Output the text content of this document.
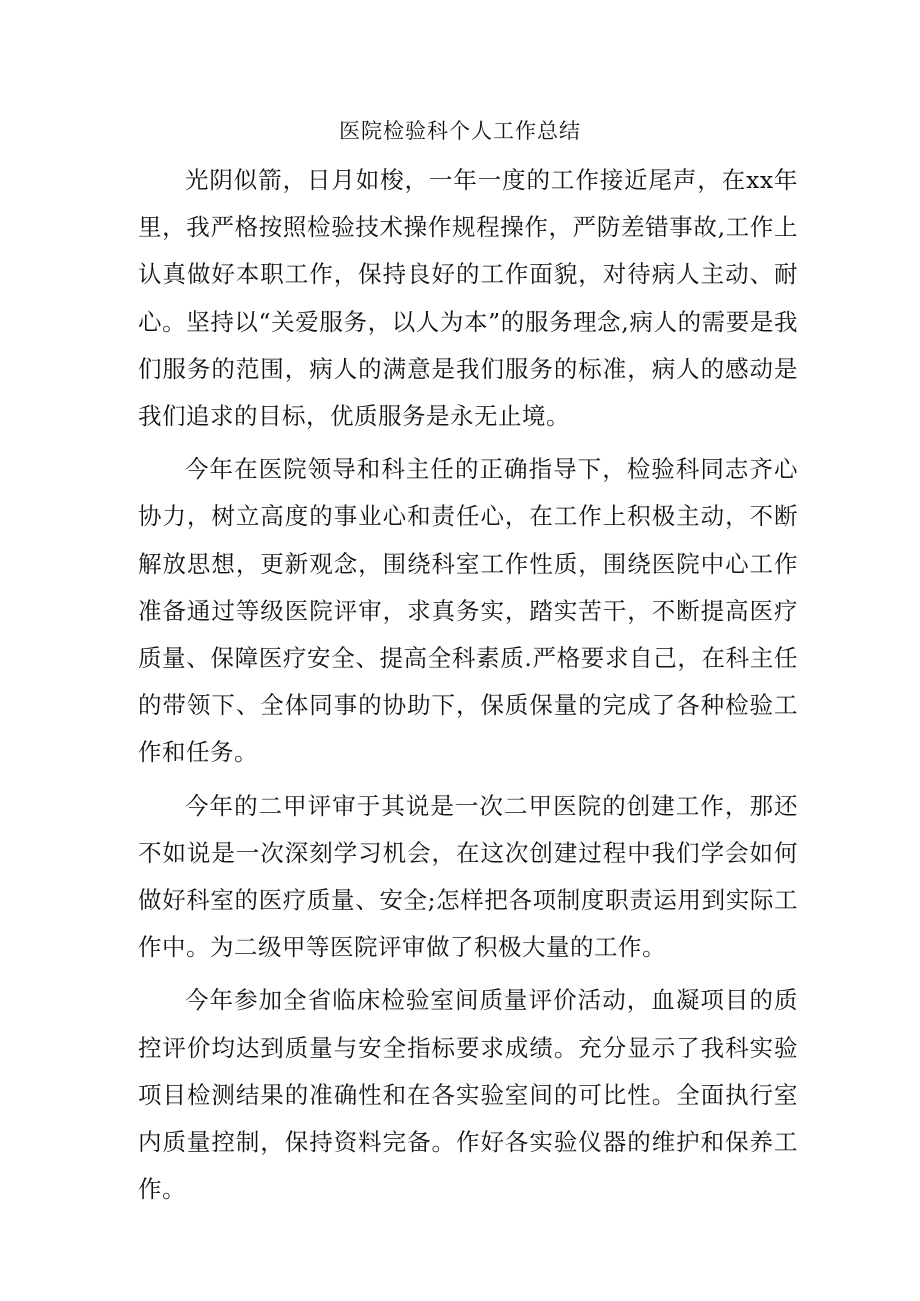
医院检验科个人工作总结

光阴似箭，日月如梭，一年一度的工作接近尾声，在xx年里，我严格按照检验技术操作规程操作，严防差错事故,工作上认真做好本职工作，保持良好的工作面貌，对待病人主动、耐心。坚持以“关爱服务，以人为本”的服务理念,病人的需要是我们服务的范围，病人的满意是我们服务的标准，病人的感动是我们追求的目标，优质服务是永无止境。

今年在医院领导和科主任的正确指导下，检验科同志齐心协力，树立高度的事业心和责任心，在工作上积极主动，不断解放思想，更新观念，围绕科室工作性质，围绕医院中心工作准备通过等级医院评审，求真务实，踏实苦干，不断提高医疗质量、保障医疗安全、提高全科素质.严格要求自己，在科主任的带领下、全体同事的协助下，保质保量的完成了各种检验工作和任务。

今年的二甲评审于其说是一次二甲医院的创建工作，那还不如说是一次深刻学习机会，在这次创建过程中我们学会如何做好科室的医疗质量、安全;怎样把各项制度职责运用到实际工作中。为二级甲等医院评审做了积极大量的工作。

今年参加全省临床检验室间质量评价活动，血凝项目的质控评价均达到质量与安全指标要求成绩。充分显示了我科实验项目检测结果的准确性和在各实验室间的可比性。全面执行室内质量控制，保持资料完备。作好各实验仪器的维护和保养工作。
